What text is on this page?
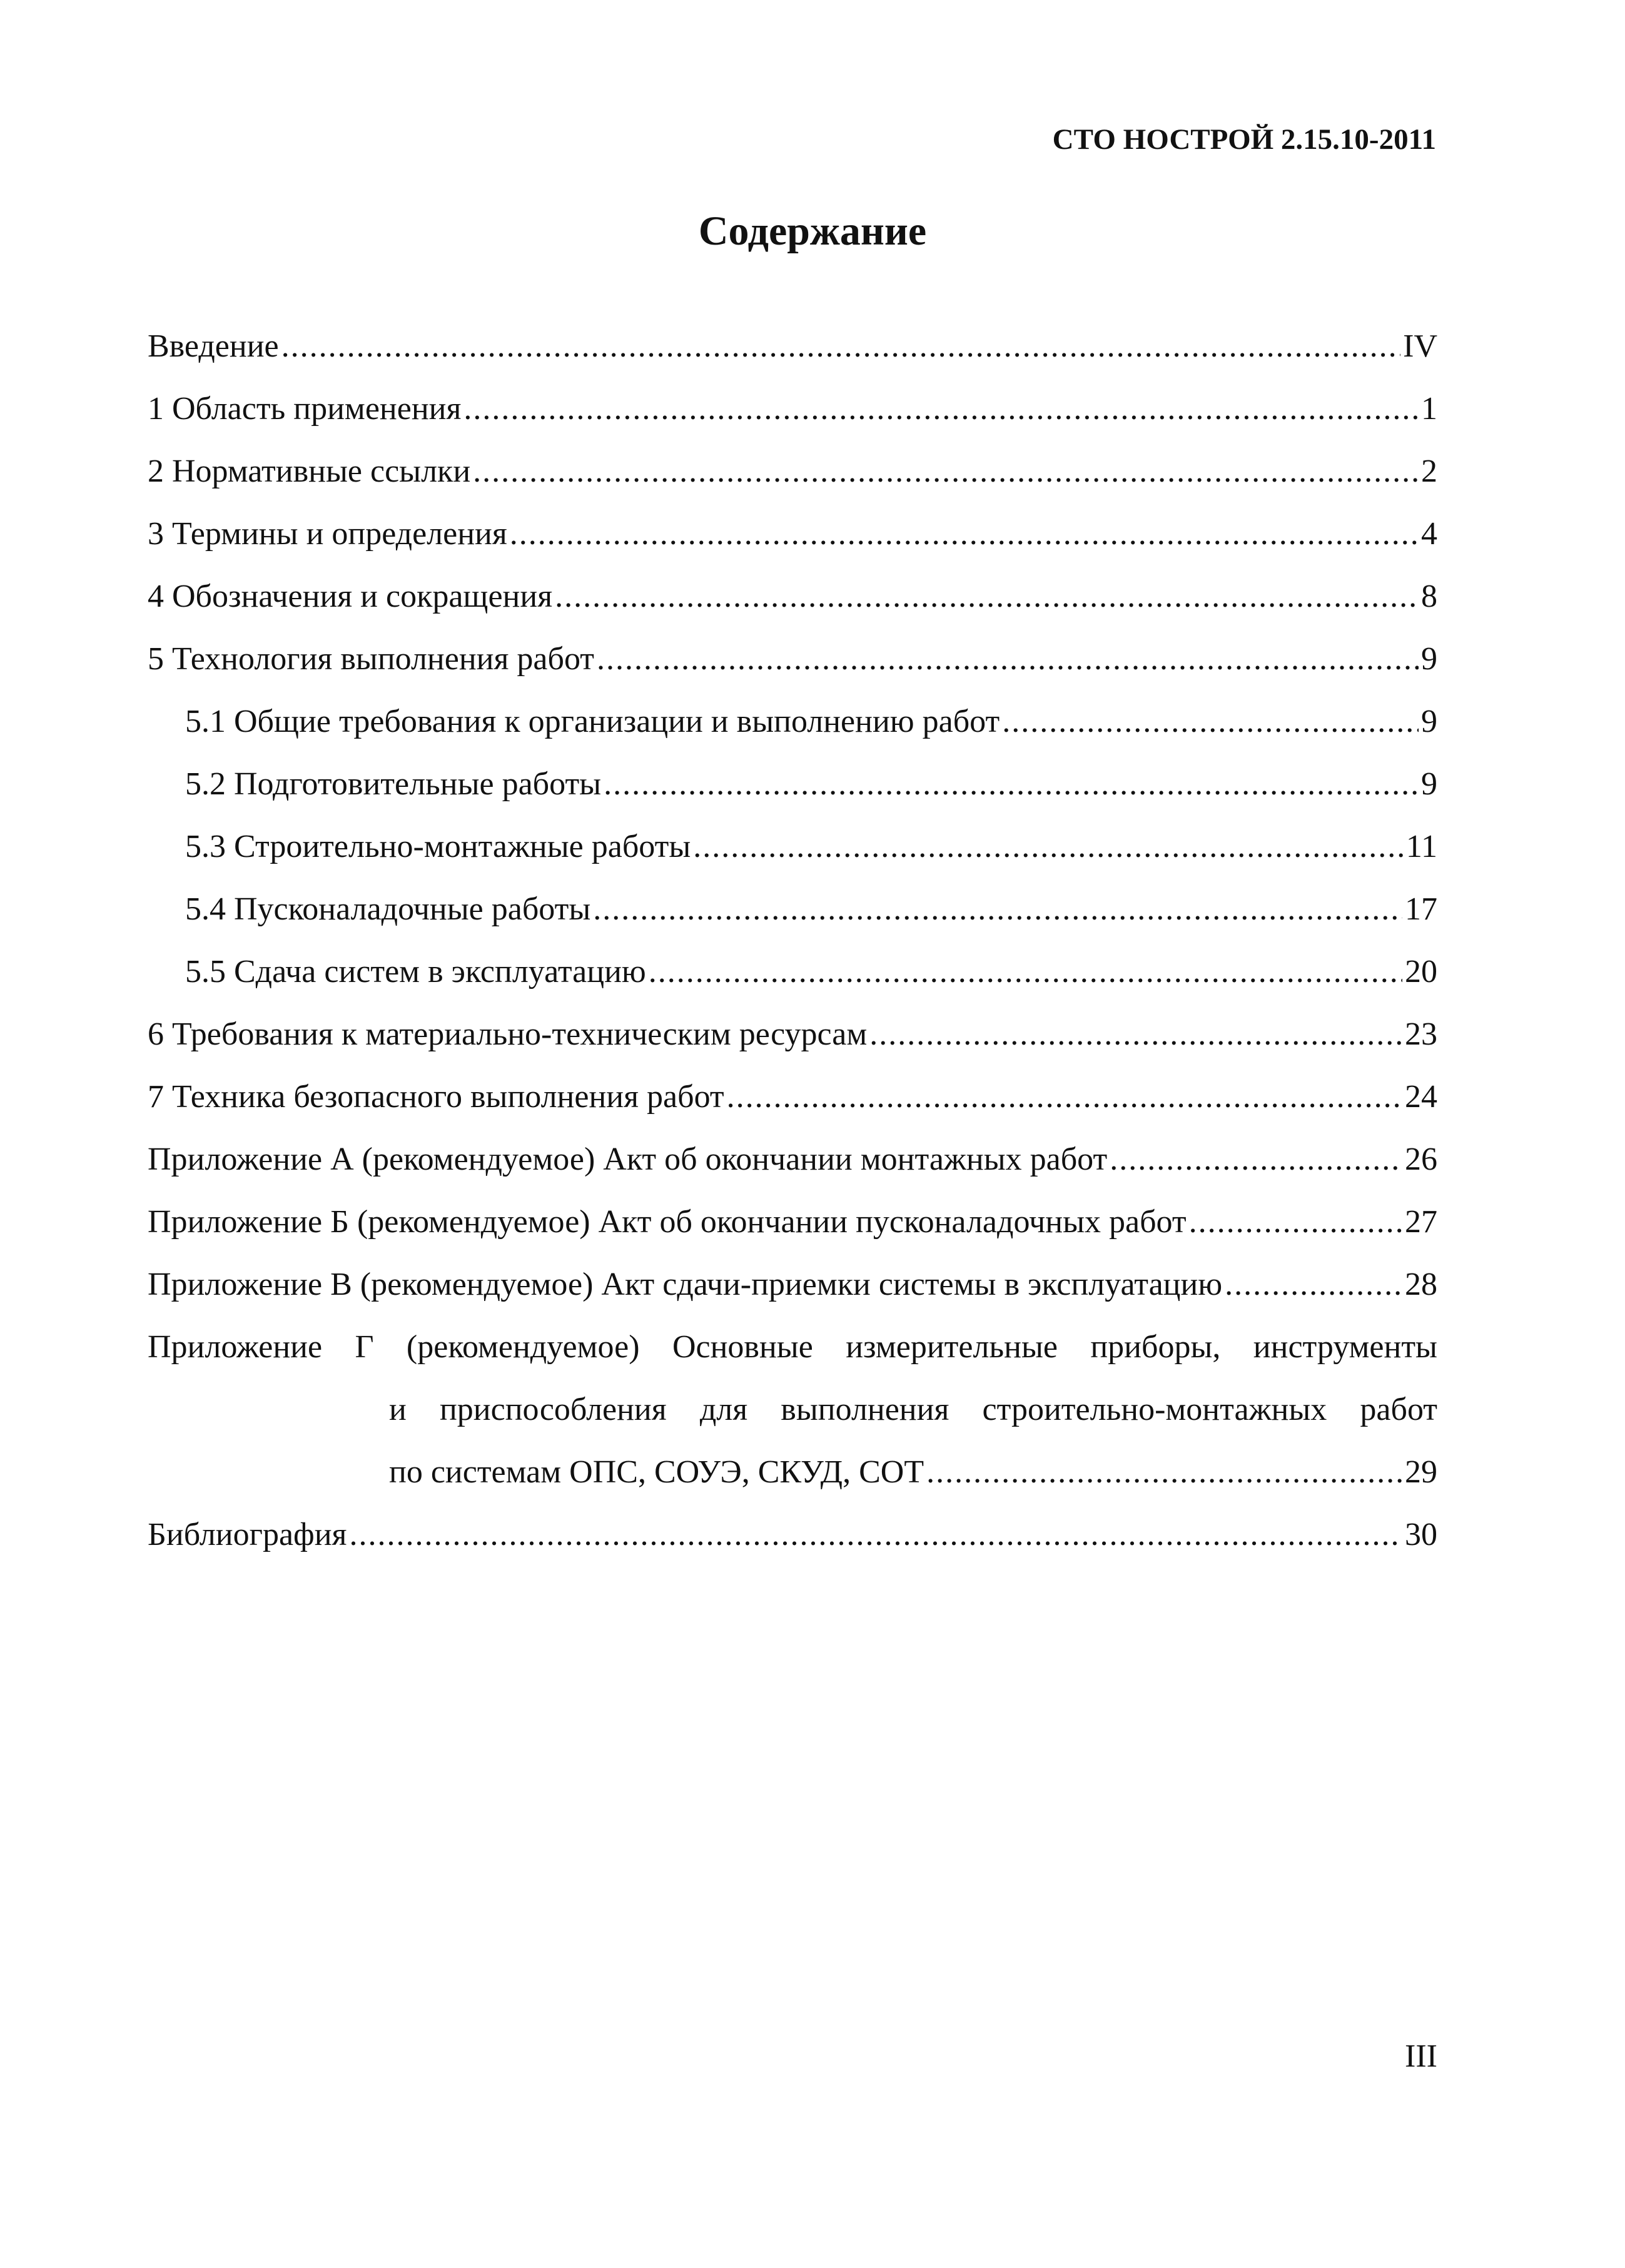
СТО НОСТРОЙ 2.15.10-2011
Содержание
Введение .....	IV
1 Область применения .....	1
2 Нормативные ссылки .....	2
3 Термины и определения .....	4
4 Обозначения и сокращения .....	8
5 Технология выполнения работ .....	9
5.1 Общие требования к организации и выполнению работ .....	9
5.2 Подготовительные работы .....	9
5.3 Строительно-монтажные работы .....	11
5.4 Пусконаладочные работы .....	17
5.5 Сдача систем в эксплуатацию .....	20
6 Требования к материально-техническим ресурсам .....	23
7 Техника безопасного выполнения работ .....	24
Приложение А (рекомендуемое) Акт об окончании монтажных работ .....	26
Приложение Б (рекомендуемое) Акт об окончании пусконаладочных работ .....	27
Приложение В (рекомендуемое) Акт сдачи-приемки системы в эксплуатацию .....	28
Приложение Г (рекомендуемое) Основные измерительные приборы, инструменты
и приспособления для выполнения строительно-монтажных работ
по системам ОПС, СОУЭ, СКУД, СОТ .....	29
Библиография .....	30
III
